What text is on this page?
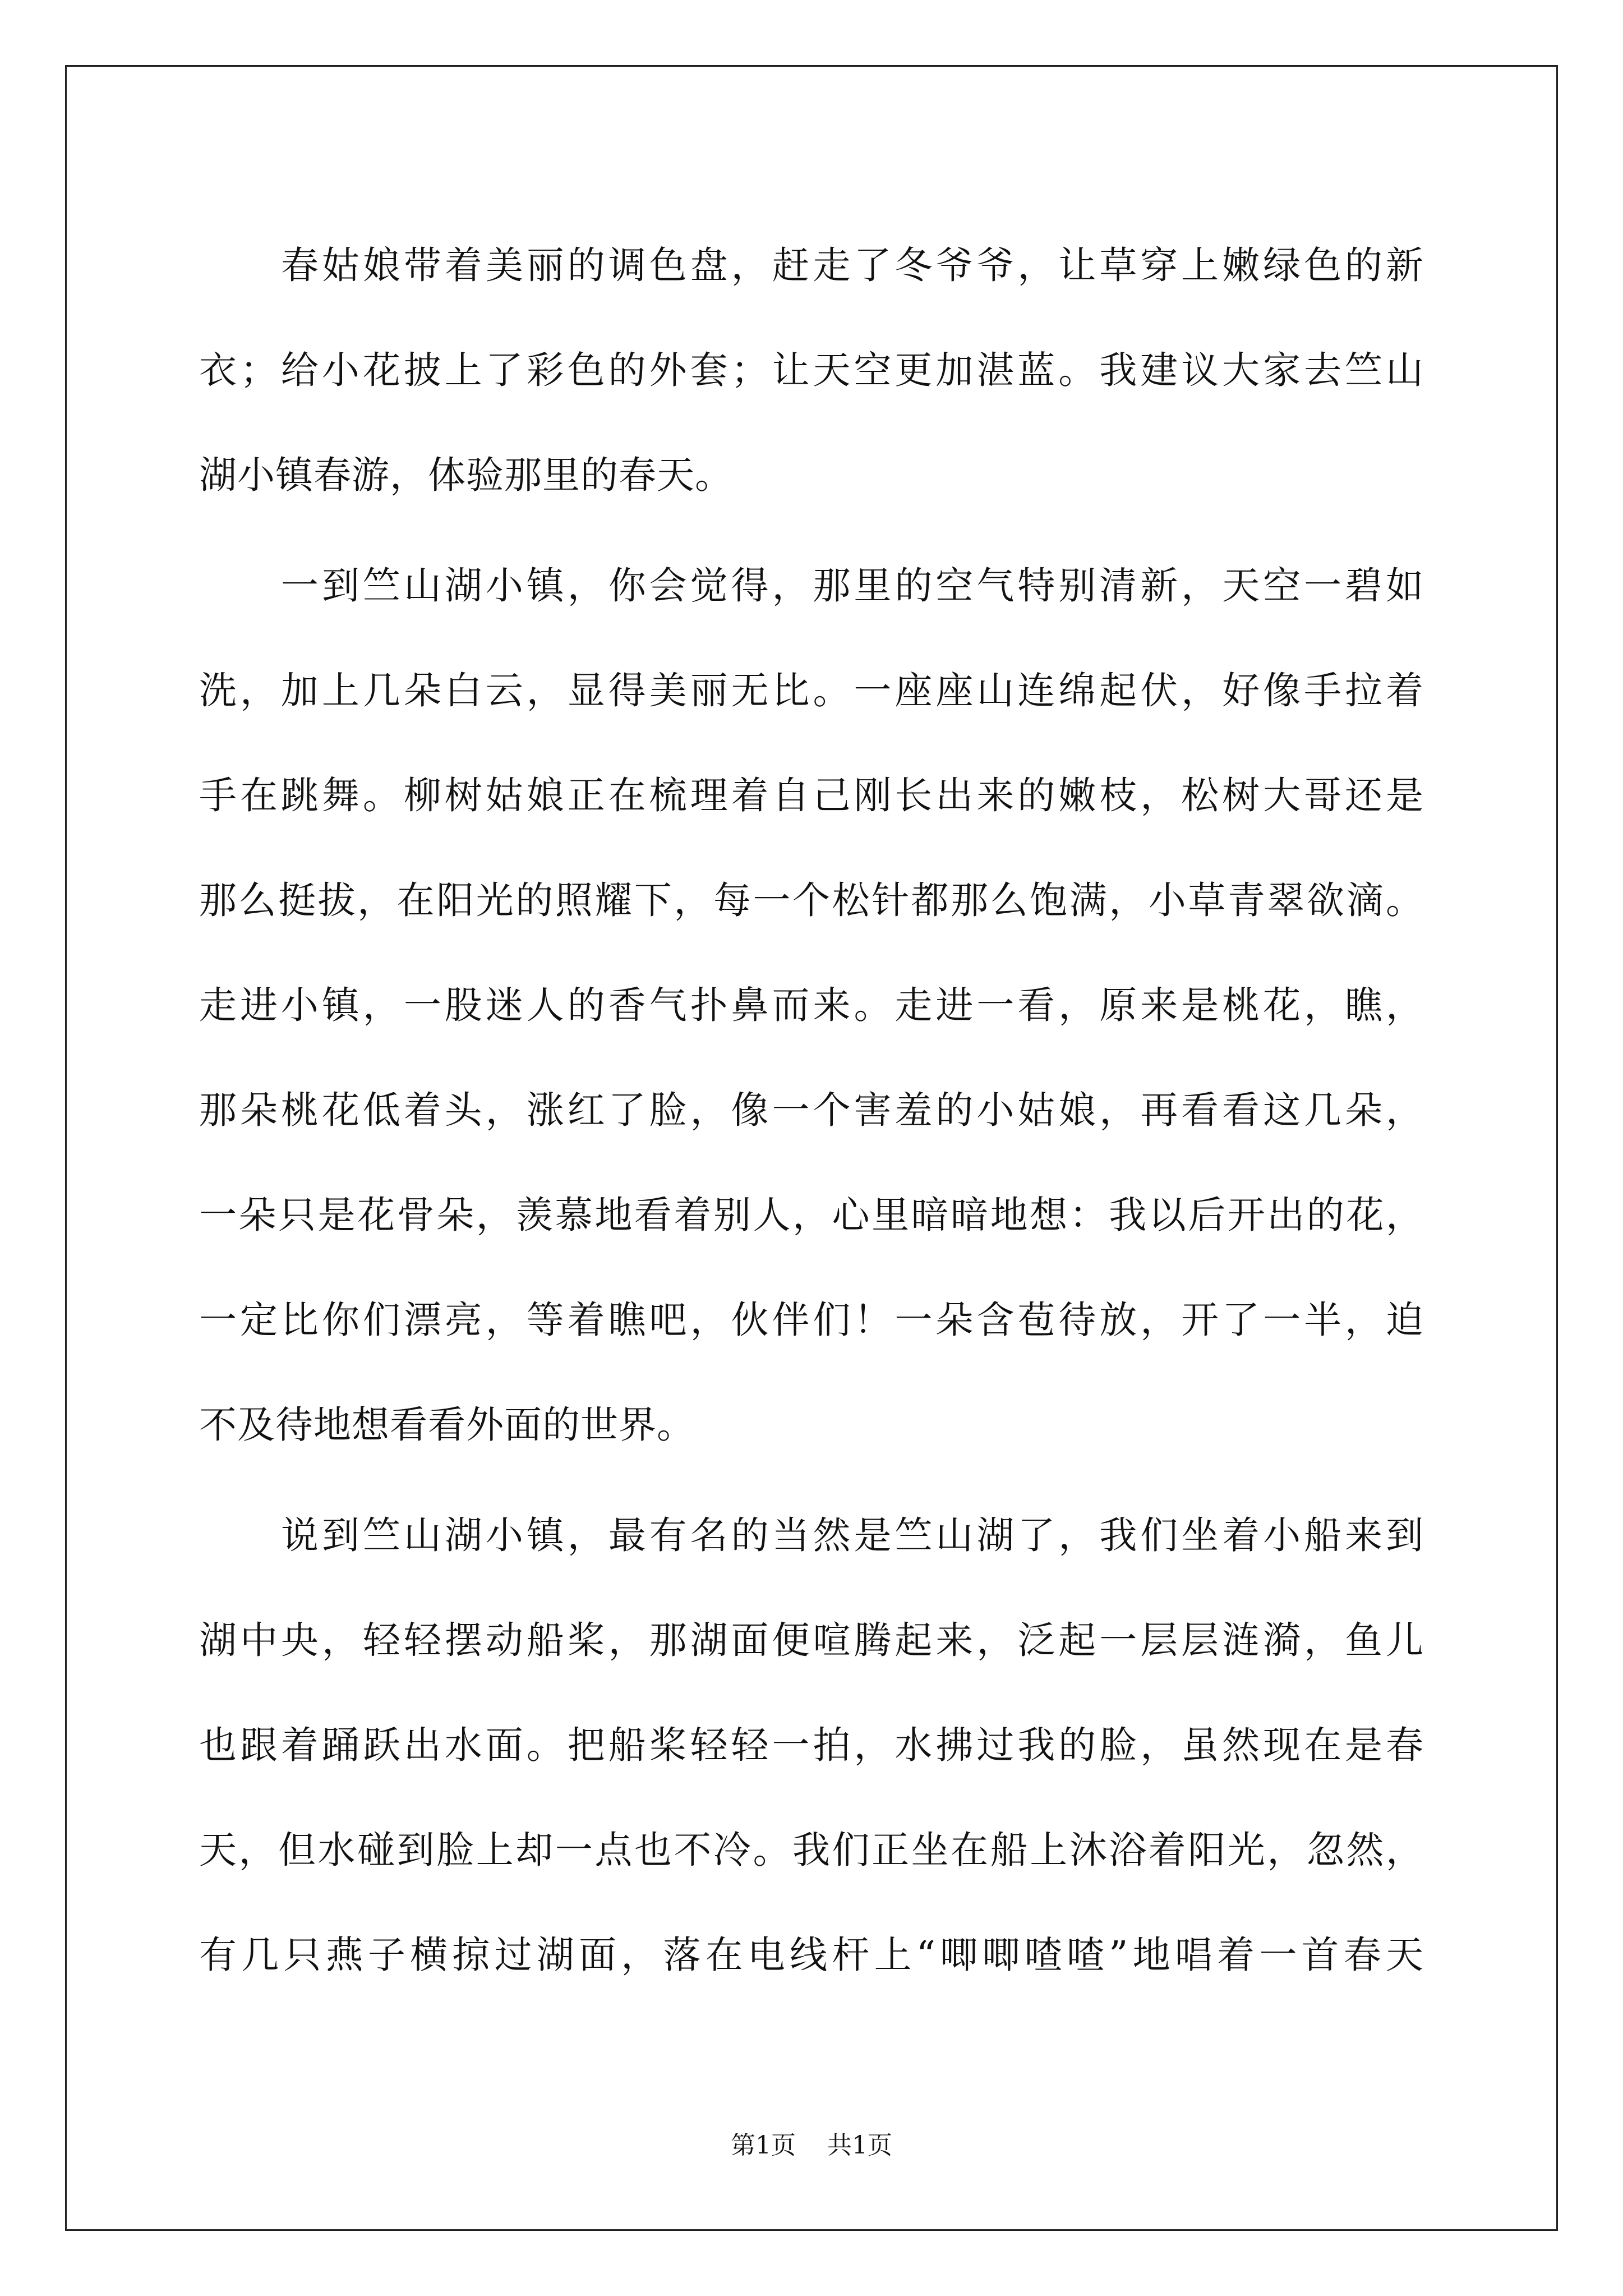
春姑娘带着美丽的调色盘，赶走了冬爷爷，让草穿上嫩绿色的新
衣；给小花披上了彩色的外套；让天空更加湛蓝。我建议大家去竺山
湖小镇春游，体验那里的春天。
一到竺山湖小镇，你会觉得，那里的空气特别清新，天空一碧如
洗，加上几朵白云，显得美丽无比。一座座山连绵起伏，好像手拉着
手在跳舞。柳树姑娘正在梳理着自己刚长出来的嫩枝，松树大哥还是
那么挺拔，在阳光的照耀下，每一个松针都那么饱满，小草青翠欲滴。
走进小镇，一股迷人的香气扑鼻而来。走进一看，原来是桃花，瞧，
那朵桃花低着头，涨红了脸，像一个害羞的小姑娘，再看看这几朵，
一朵只是花骨朵，羡慕地看着别人，心里暗暗地想：我以后开出的花，
一定比你们漂亮，等着瞧吧，伙伴们！一朵含苞待放，开了一半，迫
不及待地想看看外面的世界。
说到竺山湖小镇，最有名的当然是竺山湖了，我们坐着小船来到
湖中央，轻轻摆动船桨，那湖面便喧腾起来，泛起一层层涟漪，鱼儿
也跟着踊跃出水面。把船桨轻轻一拍，水拂过我的脸，虽然现在是春
天，但水碰到脸上却一点也不冷。我们正坐在船上沐浴着阳光，忽然，
有几只燕子横掠过湖面，落在电线杆上“唧唧喳喳”地唱着一首春天
第1页 共1页
